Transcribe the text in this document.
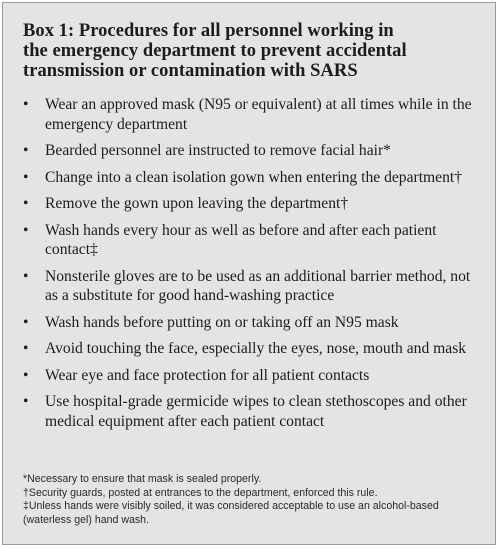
Box 1: Procedures for all personnel working in
the emergency department to prevent accidental
transmission or contamination with SARS
•	Wear an approved mask (N95 or equivalent) at all times while in the emergency department
•	Bearded personnel are instructed to remove facial hair*
•	Change into a clean isolation gown when entering the department†
•	Remove the gown upon leaving the department†
•	Wash hands every hour as well as before and after each patient contact‡
•	Nonsterile gloves are to be used as an additional barrier method, not as a substitute for good hand-washing practice
•	Wash hands before putting on or taking off an N95 mask
•	Avoid touching the face, especially the eyes, nose, mouth and mask
•	Wear eye and face protection for all patient contacts
•	Use hospital-grade germicide wipes to clean stethoscopes and other medical equipment after each patient contact
*Necessary to ensure that mask is sealed properly.
†Security guards, posted at entrances to the department, enforced this rule.
‡Unless hands were visibly soiled, it was considered acceptable to use an alcohol-based (waterless gel) hand wash.
